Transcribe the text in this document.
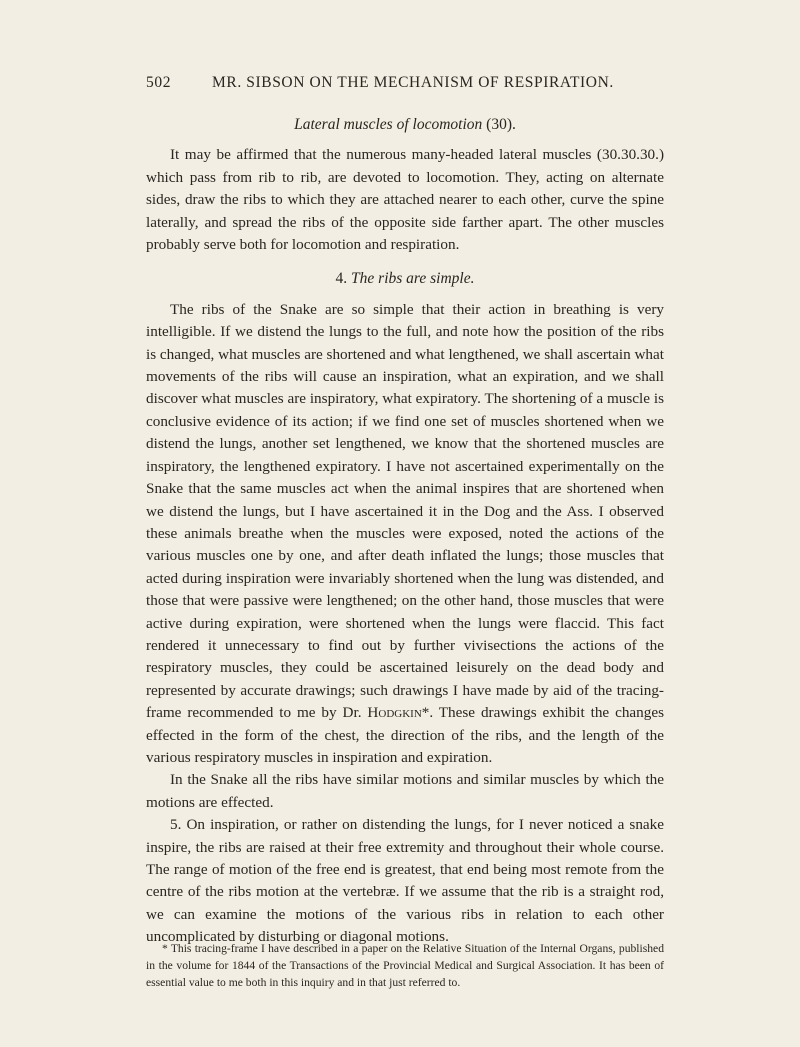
502	MR. SIBSON ON THE MECHANISM OF RESPIRATION.
Lateral muscles of locomotion (30).

It may be affirmed that the numerous many-headed lateral muscles (30.30.30.) which pass from rib to rib, are devoted to locomotion. They, acting on alternate sides, draw the ribs to which they are attached nearer to each other, curve the spine laterally, and spread the ribs of the opposite side farther apart. The other muscles probably serve both for locomotion and respiration.

4. The ribs are simple.

The ribs of the Snake are so simple that their action in breathing is very intelligible. If we distend the lungs to the full, and note how the position of the ribs is changed, what muscles are shortened and what lengthened, we shall ascertain what movements of the ribs will cause an inspiration, what an expiration, and we shall discover what muscles are inspiratory, what expiratory. The shortening of a muscle is conclusive evidence of its action; if we find one set of muscles shortened when we distend the lungs, another set lengthened, we know that the shortened muscles are inspiratory, the lengthened expiratory. I have not ascertained experimentally on the Snake that the same muscles act when the animal inspires that are shortened when we distend the lungs, but I have ascertained it in the Dog and the Ass. I observed these animals breathe when the muscles were exposed, noted the actions of the various muscles one by one, and after death inflated the lungs; those muscles that acted during inspiration were invariably shortened when the lung was distended, and those that were passive were lengthened; on the other hand, those muscles that were active during expiration, were shortened when the lungs were flaccid. This fact rendered it unnecessary to find out by further vivisections the actions of the respiratory muscles, they could be ascertained leisurely on the dead body and represented by accurate drawings; such drawings I have made by aid of the tracing-frame recommended to me by Dr. Hodgkin*. These drawings exhibit the changes effected in the form of the chest, the direction of the ribs, and the length of the various respiratory muscles in inspiration and expiration.

In the Snake all the ribs have similar motions and similar muscles by which the motions are effected.

5. On inspiration, or rather on distending the lungs, for I never noticed a snake inspire, the ribs are raised at their free extremity and throughout their whole course. The range of motion of the free end is greatest, that end being most remote from the centre of the ribs motion at the vertebræ. If we assume that the rib is a straight rod, we can examine the motions of the various ribs in relation to each other uncomplicated by disturbing or diagonal motions.

* This tracing-frame I have described in a paper on the Relative Situation of the Internal Organs, published in the volume for 1844 of the Transactions of the Provincial Medical and Surgical Association. It has been of essential value to me both in this inquiry and in that just referred to.
